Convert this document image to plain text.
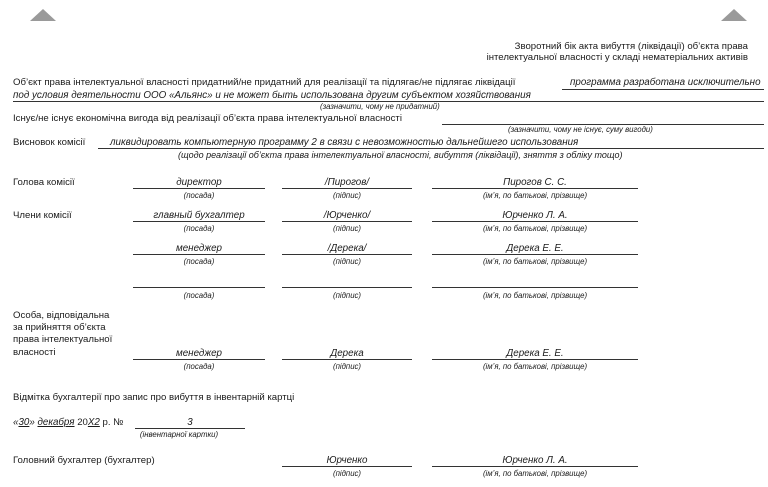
Зворотний бік акта вибуття (ліквідації) об’єкта права
інтелектуальної власності у складі нематеріальних активів
Об’єкт права інтелектуальної власності придатний/не придатний для реалізації та підлягає/не підлягає ліквідації	программа разработана исключительно
под условия деятельности ООО «Альянс» и не может быть использована другим субъектом хозяйствования
(зазначити, чому не придатний)
Існує/не існує економічна вигода від реалізації об’єкта права інтелектуальної власності
(зазначити, чому не існує, суму вигоди)
Висновок комісії	ликвидировать компьютерную программу 2 в связи с невозможностью дальнейшего использования
(щодо реалізації об’єкта права інтелектуальної власності, вибуття (ліквідації), зняття з обліку тощо)
Голова комісії	директор	/Пирогов/	Пирогов С. С.
(посада)	(підпис)	(ім’я, по батькові, прізвище)
Члени комісії	главный бухгалтер	/Юрченко/	Юрченко Л. А.
(посада)	(підпис)	(ім’я, по батькові, прізвище)
менеджер	/Дерека/	Дерека Е. Е.
(посада)	(підпис)	(ім’я, по батькові, прізвище)
(посада)	(підпис)	(ім’я, по батькові, прізвище)
Особа, відповідальна
за прийняття об’єкта
права інтелектуальної
власності	менеджер	Дерека	Дерека Е. Е.
(посада)	(підпис)	(ім’я, по батькові, прізвище)
Відмітка бухгалтерії про запис про вибуття в інвентарній картці
«30» декабря 20Х2 р. №	3
(інвентарної картки)
Головний бухгалтер (бухгалтер)	Юрченко	Юрченко Л. А.
(підпис)	(ім’я, по батькові, прізвище)
